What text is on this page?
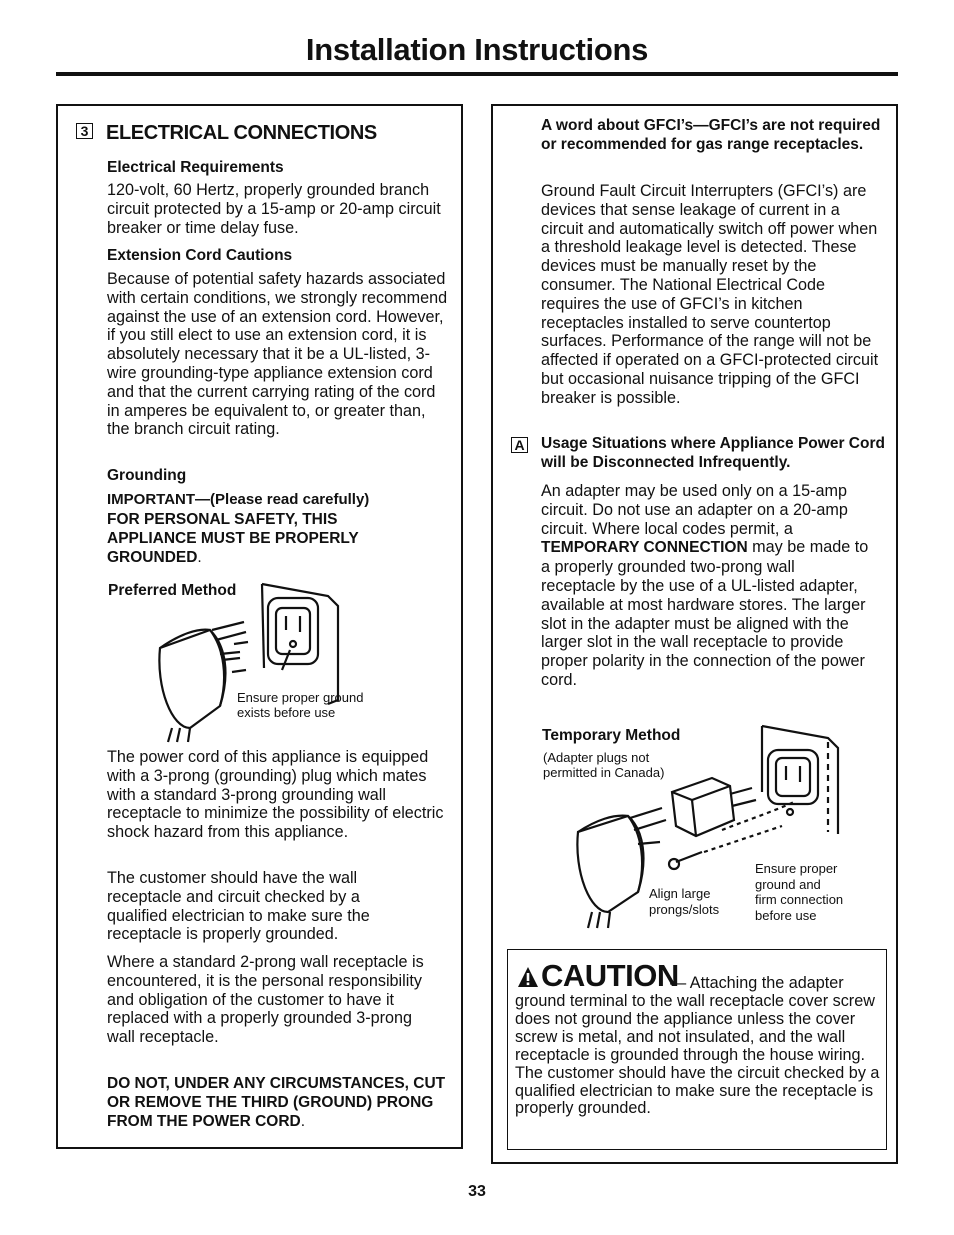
Installation Instructions
3 ELECTRICAL CONNECTIONS
Electrical Requirements

120-volt, 60 Hertz, properly grounded branch circuit protected by a 15-amp or 20-amp circuit breaker or time delay fuse.

Extension Cord Cautions

Because of potential safety hazards associated with certain conditions, we strongly recommend against the use of an extension cord. However, if you still elect to use an extension cord, it is absolutely necessary that it be a UL-listed, 3-wire grounding-type appliance extension cord and that the current carrying rating of the cord in amperes be equivalent to, or greater than, the branch circuit rating.

Grounding
IMPORTANT—(Please read carefully)

FOR PERSONAL SAFETY, THIS APPLIANCE MUST BE PROPERLY GROUNDED.

Preferred Method
Ensure proper ground
exists before use

The power cord of this appliance is equipped with a 3-prong (grounding) plug which mates with a standard 3-prong grounding wall receptacle to minimize the possibility of electric shock hazard from this appliance.

The customer should have the wall receptacle and circuit checked by a qualified electrician to make sure the receptacle is properly grounded.

Where a standard 2-prong wall receptacle is encountered, it is the personal responsibility and obligation of the customer to have it replaced with a properly grounded 3-prong wall receptacle.

DO NOT, UNDER ANY CIRCUMSTANCES, CUT OR REMOVE THE THIRD (GROUND) PRONG FROM THE POWER CORD.

A word about GFCI’s—GFCI’s are not required or recommended for gas range receptacles.

Ground Fault Circuit Interrupters (GFCI’s) are devices that sense leakage of current in a circuit and automatically switch off power when a threshold leakage level is detected. These devices must be manually reset by the consumer. The National Electrical Code requires the use of GFCI’s in kitchen receptacles installed to serve countertop surfaces. Performance of the range will not be affected if operated on a GFCI-protected circuit but occasional nuisance tripping of the GFCI breaker is possible.

A Usage Situations where Appliance Power Cord will be Disconnected Infrequently.

An adapter may be used only on a 15-amp circuit. Do not use an adapter on a 20-amp circuit. Where local codes permit, a TEMPORARY CONNECTION may be made to a properly grounded two-prong wall receptacle by the use of a UL-listed adapter, available at most hardware stores. The larger slot in the adapter must be aligned with the larger slot in the wall receptacle to provide proper polarity in the connection of the power cord.

Temporary Method
(Adapter plugs not
permitted in Canada)
Align large
prongs/slots
Ensure proper
ground and
firm connection
before use
CAUTION
— Attaching the adapter

ground terminal to the wall receptacle cover screw does not ground the appliance unless the cover screw is metal, and not insulated, and the wall receptacle is grounded through the house wiring. The customer should have the circuit checked by a qualified electrician to make sure the receptacle is properly grounded.

33
